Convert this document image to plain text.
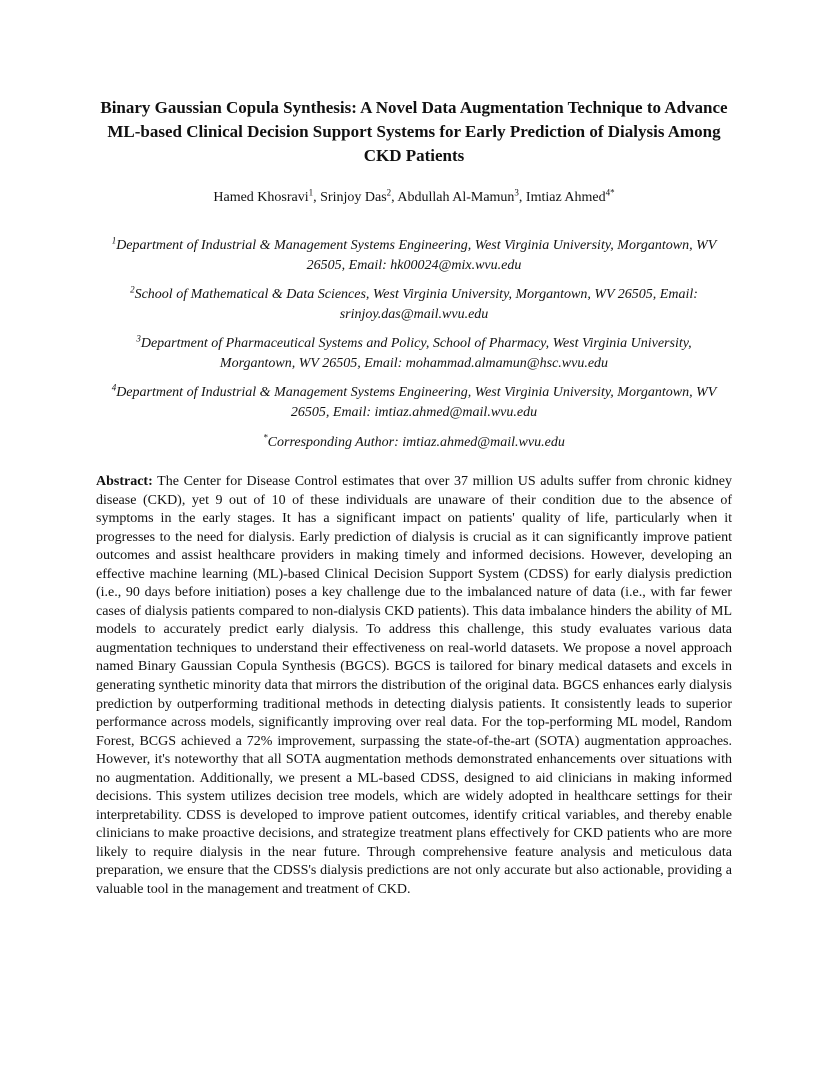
Binary Gaussian Copula Synthesis: A Novel Data Augmentation Technique to Advance ML-based Clinical Decision Support Systems for Early Prediction of Dialysis Among CKD Patients
Hamed Khosravi$^1$, Srinjoy Das$^2$, Abdullah Al-Mamun$^3$, Imtiaz Ahmed$^{4*}$

$^1$Department of Industrial & Management Systems Engineering, West Virginia University, Morgantown, WV 26505, Email: hk00024@mix.wvu.edu

$^2$School of Mathematical & Data Sciences, West Virginia University, Morgantown, WV 26505, Email: srinjoy.das@mail.wvu.edu

$^3$Department of Pharmaceutical Systems and Policy, School of Pharmacy, West Virginia University, Morgantown, WV 26505, Email: mohammad.almamun@hsc.wvu.edu

$^4$Department of Industrial & Management Systems Engineering, West Virginia University, Morgantown, WV 26505, Email: imtiaz.ahmed@mail.wvu.edu

*Corresponding Author: imtiaz.ahmed@mail.wvu.edu
Abstract: The Center for Disease Control estimates that over 37 million US adults suffer from chronic kidney disease (CKD), yet 9 out of 10 of these individuals are unaware of their condition due to the absence of symptoms in the early stages. It has a significant impact on patients' quality of life, particularly when it progresses to the need for dialysis. Early prediction of dialysis is crucial as it can significantly improve patient outcomes and assist healthcare providers in making timely and informed decisions. However, developing an effective machine learning (ML)-based Clinical Decision Support System (CDSS) for early dialysis prediction (i.e., 90 days before initiation) poses a key challenge due to the imbalanced nature of data (i.e., with far fewer cases of dialysis patients compared to non-dialysis CKD patients). This data imbalance hinders the ability of ML models to accurately predict early dialysis. To address this challenge, this study evaluates various data augmentation techniques to understand their effectiveness on real-world datasets. We propose a novel approach named Binary Gaussian Copula Synthesis (BGCS). BGCS is tailored for binary medical datasets and excels in generating synthetic minority data that mirrors the distribution of the original data. BGCS enhances early dialysis prediction by outperforming traditional methods in detecting dialysis patients. It consistently leads to superior performance across models, significantly improving over real data. For the top-performing ML model, Random Forest, BCGS achieved a 72% improvement, surpassing the state-of-the-art (SOTA) augmentation approaches. However, it's noteworthy that all SOTA augmentation methods demonstrated enhancements over situations with no augmentation. Additionally, we present a ML-based CDSS, designed to aid clinicians in making informed decisions. This system utilizes decision tree models, which are widely adopted in healthcare settings for their interpretability. CDSS is developed to improve patient outcomes, identify critical variables, and thereby enable clinicians to make proactive decisions, and strategize treatment plans effectively for CKD patients who are more likely to require dialysis in the near future. Through comprehensive feature analysis and meticulous data preparation, we ensure that the CDSS's dialysis predictions are not only accurate but also actionable, providing a valuable tool in the management and treatment of CKD.
